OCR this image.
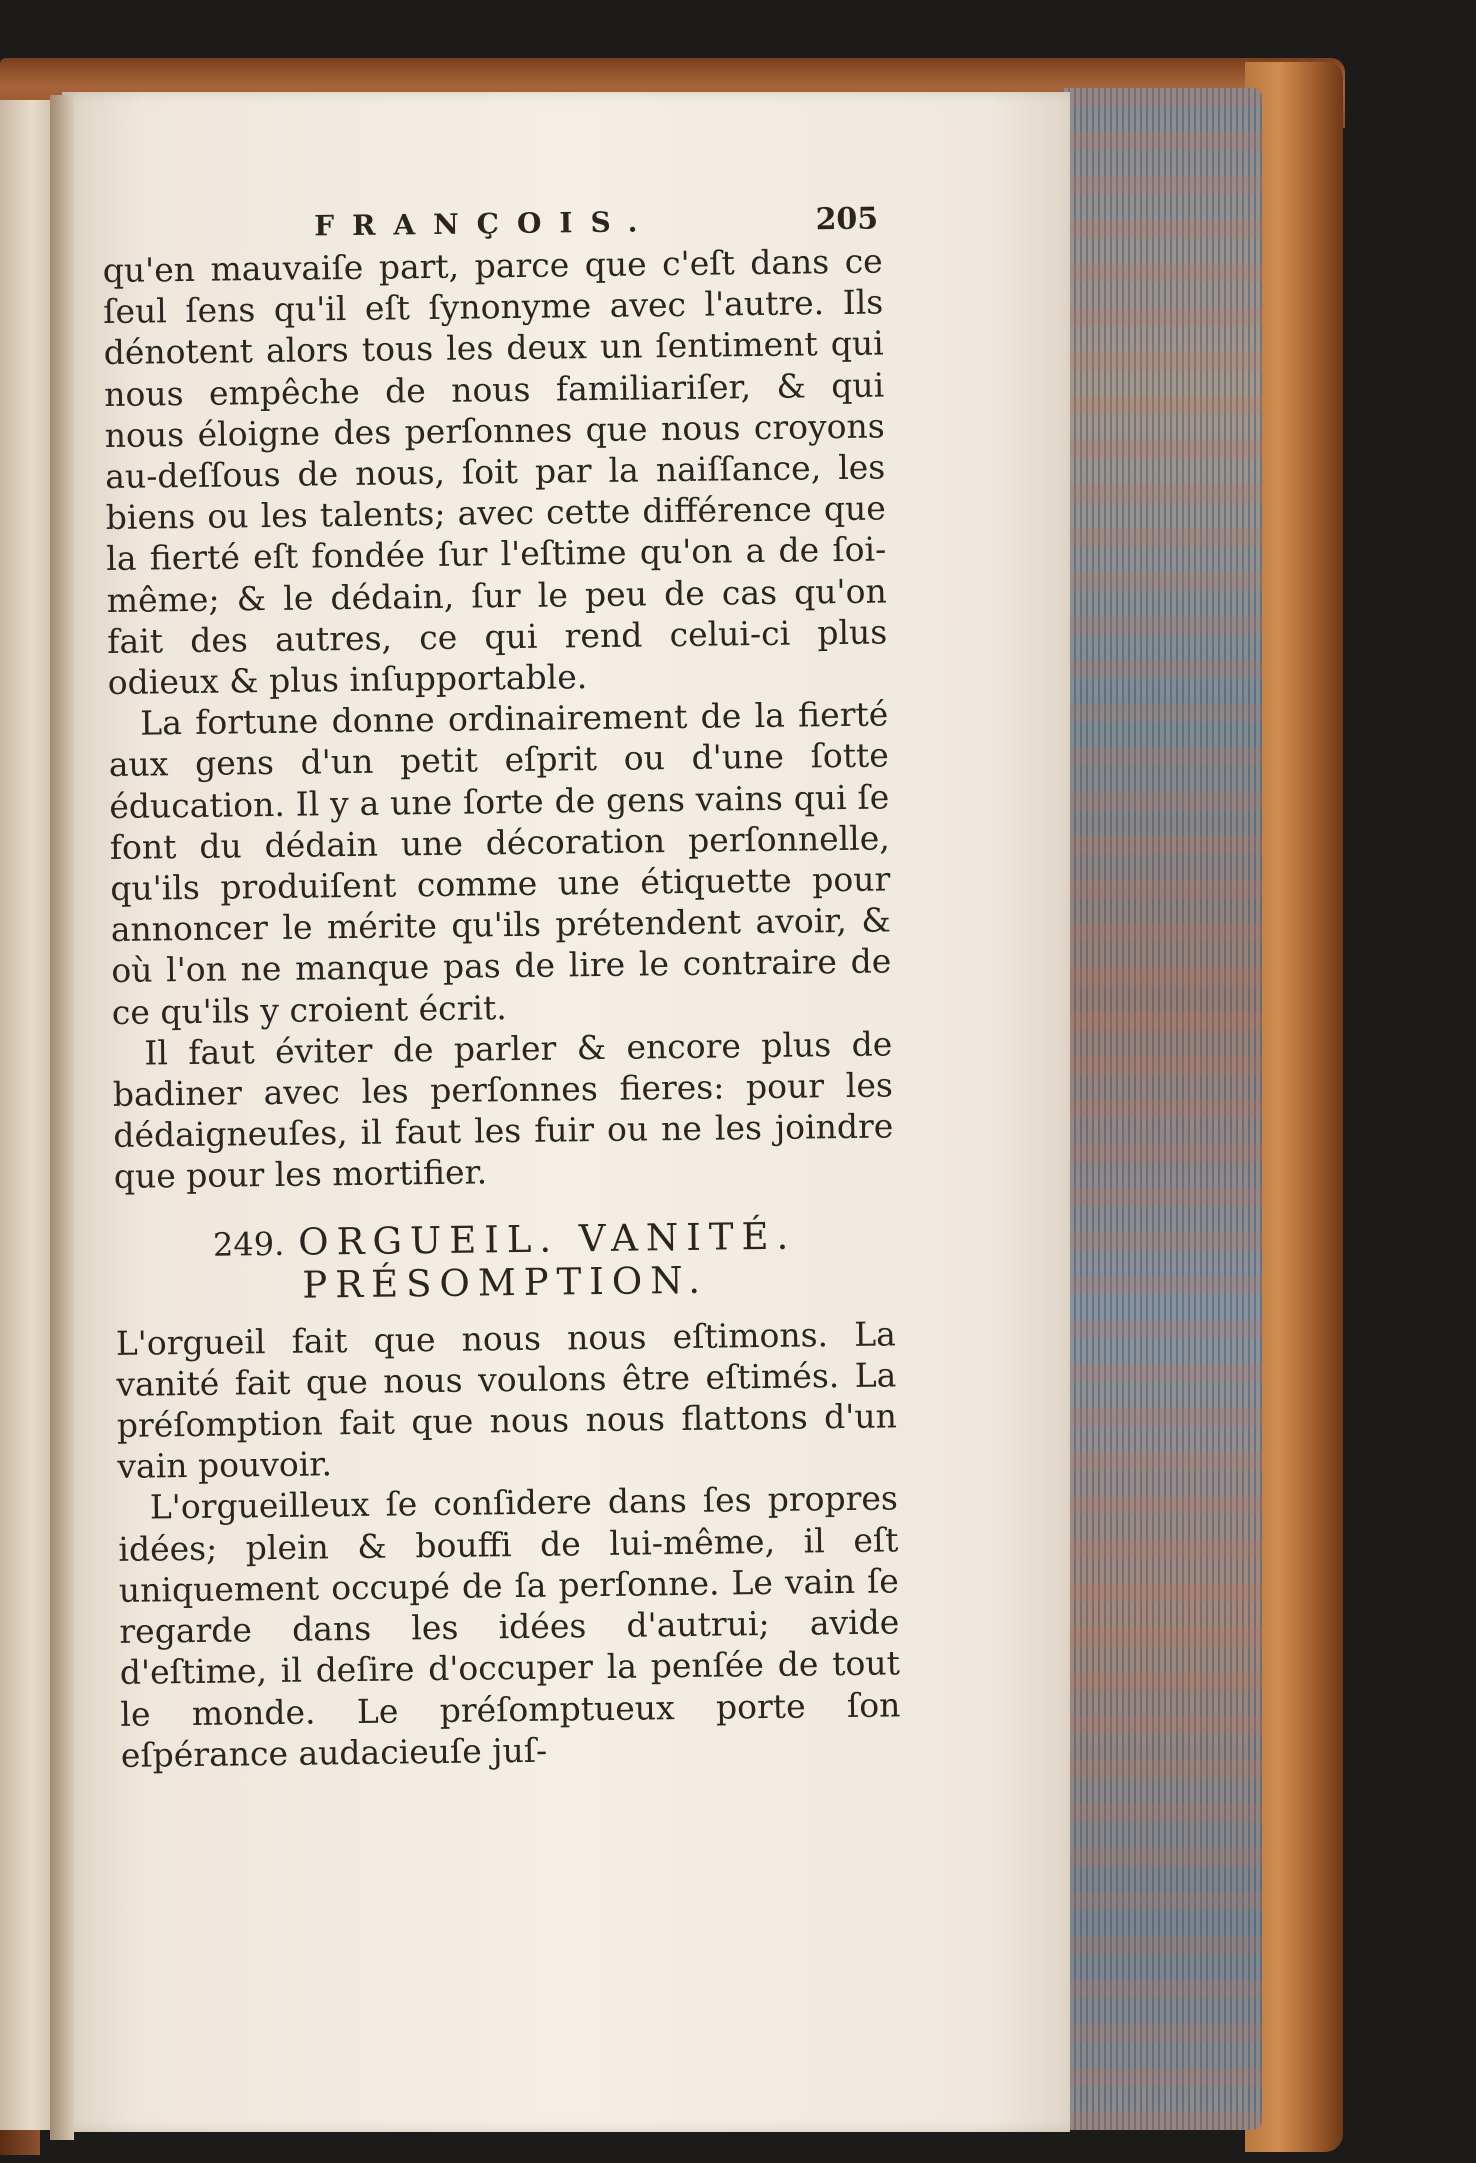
FRANÇOIS.	205

qu'en mauvaiſe part, parce que c'eſt dans ce ſeul ſens qu'il eſt ſynonyme avec l'autre. Ils dénotent alors tous les deux un ſentiment qui nous empêche de nous familiariſer, & qui nous éloigne des perſonnes que nous croyons au-deſſous de nous, ſoit par la naiſſance, les biens ou les talents; avec cette différence que la fierté eſt fondée ſur l'eſtime qu'on a de ſoi-même; & le dédain, ſur le peu de cas qu'on fait des autres, ce qui rend celui-ci plus odieux & plus inſupportable.

La fortune donne ordinairement de la fierté aux gens d'un petit eſprit ou d'une ſotte éducation. Il y a une ſorte de gens vains qui ſe font du dédain une décoration perſonnelle, qu'ils produiſent comme une étiquette pour annoncer le mérite qu'ils prétendent avoir, & où l'on ne manque pas de lire le contraire de ce qu'ils y croient écrit.

Il faut éviter de parler & encore plus de badiner avec les perſonnes fieres: pour les dédaigneuſes, il faut les fuir ou ne les joindre que pour les mortifier.

249. ORGUEIL. VANITÉ.
PRÉSOMPTION.

L'orgueil fait que nous nous eſtimons. La vanité fait que nous voulons être eſtimés. La préſomption fait que nous nous flattons d'un vain pouvoir.

L'orgueilleux ſe conſidere dans ſes propres idées; plein & bouffi de lui-même, il eſt uniquement occupé de ſa perſonne. Le vain ſe regarde dans les idées d'autrui; avide d'eſtime, il deſire d'occuper la penſée de tout le monde. Le préſomptueux porte ſon eſpérance audacieuſe juſ-
